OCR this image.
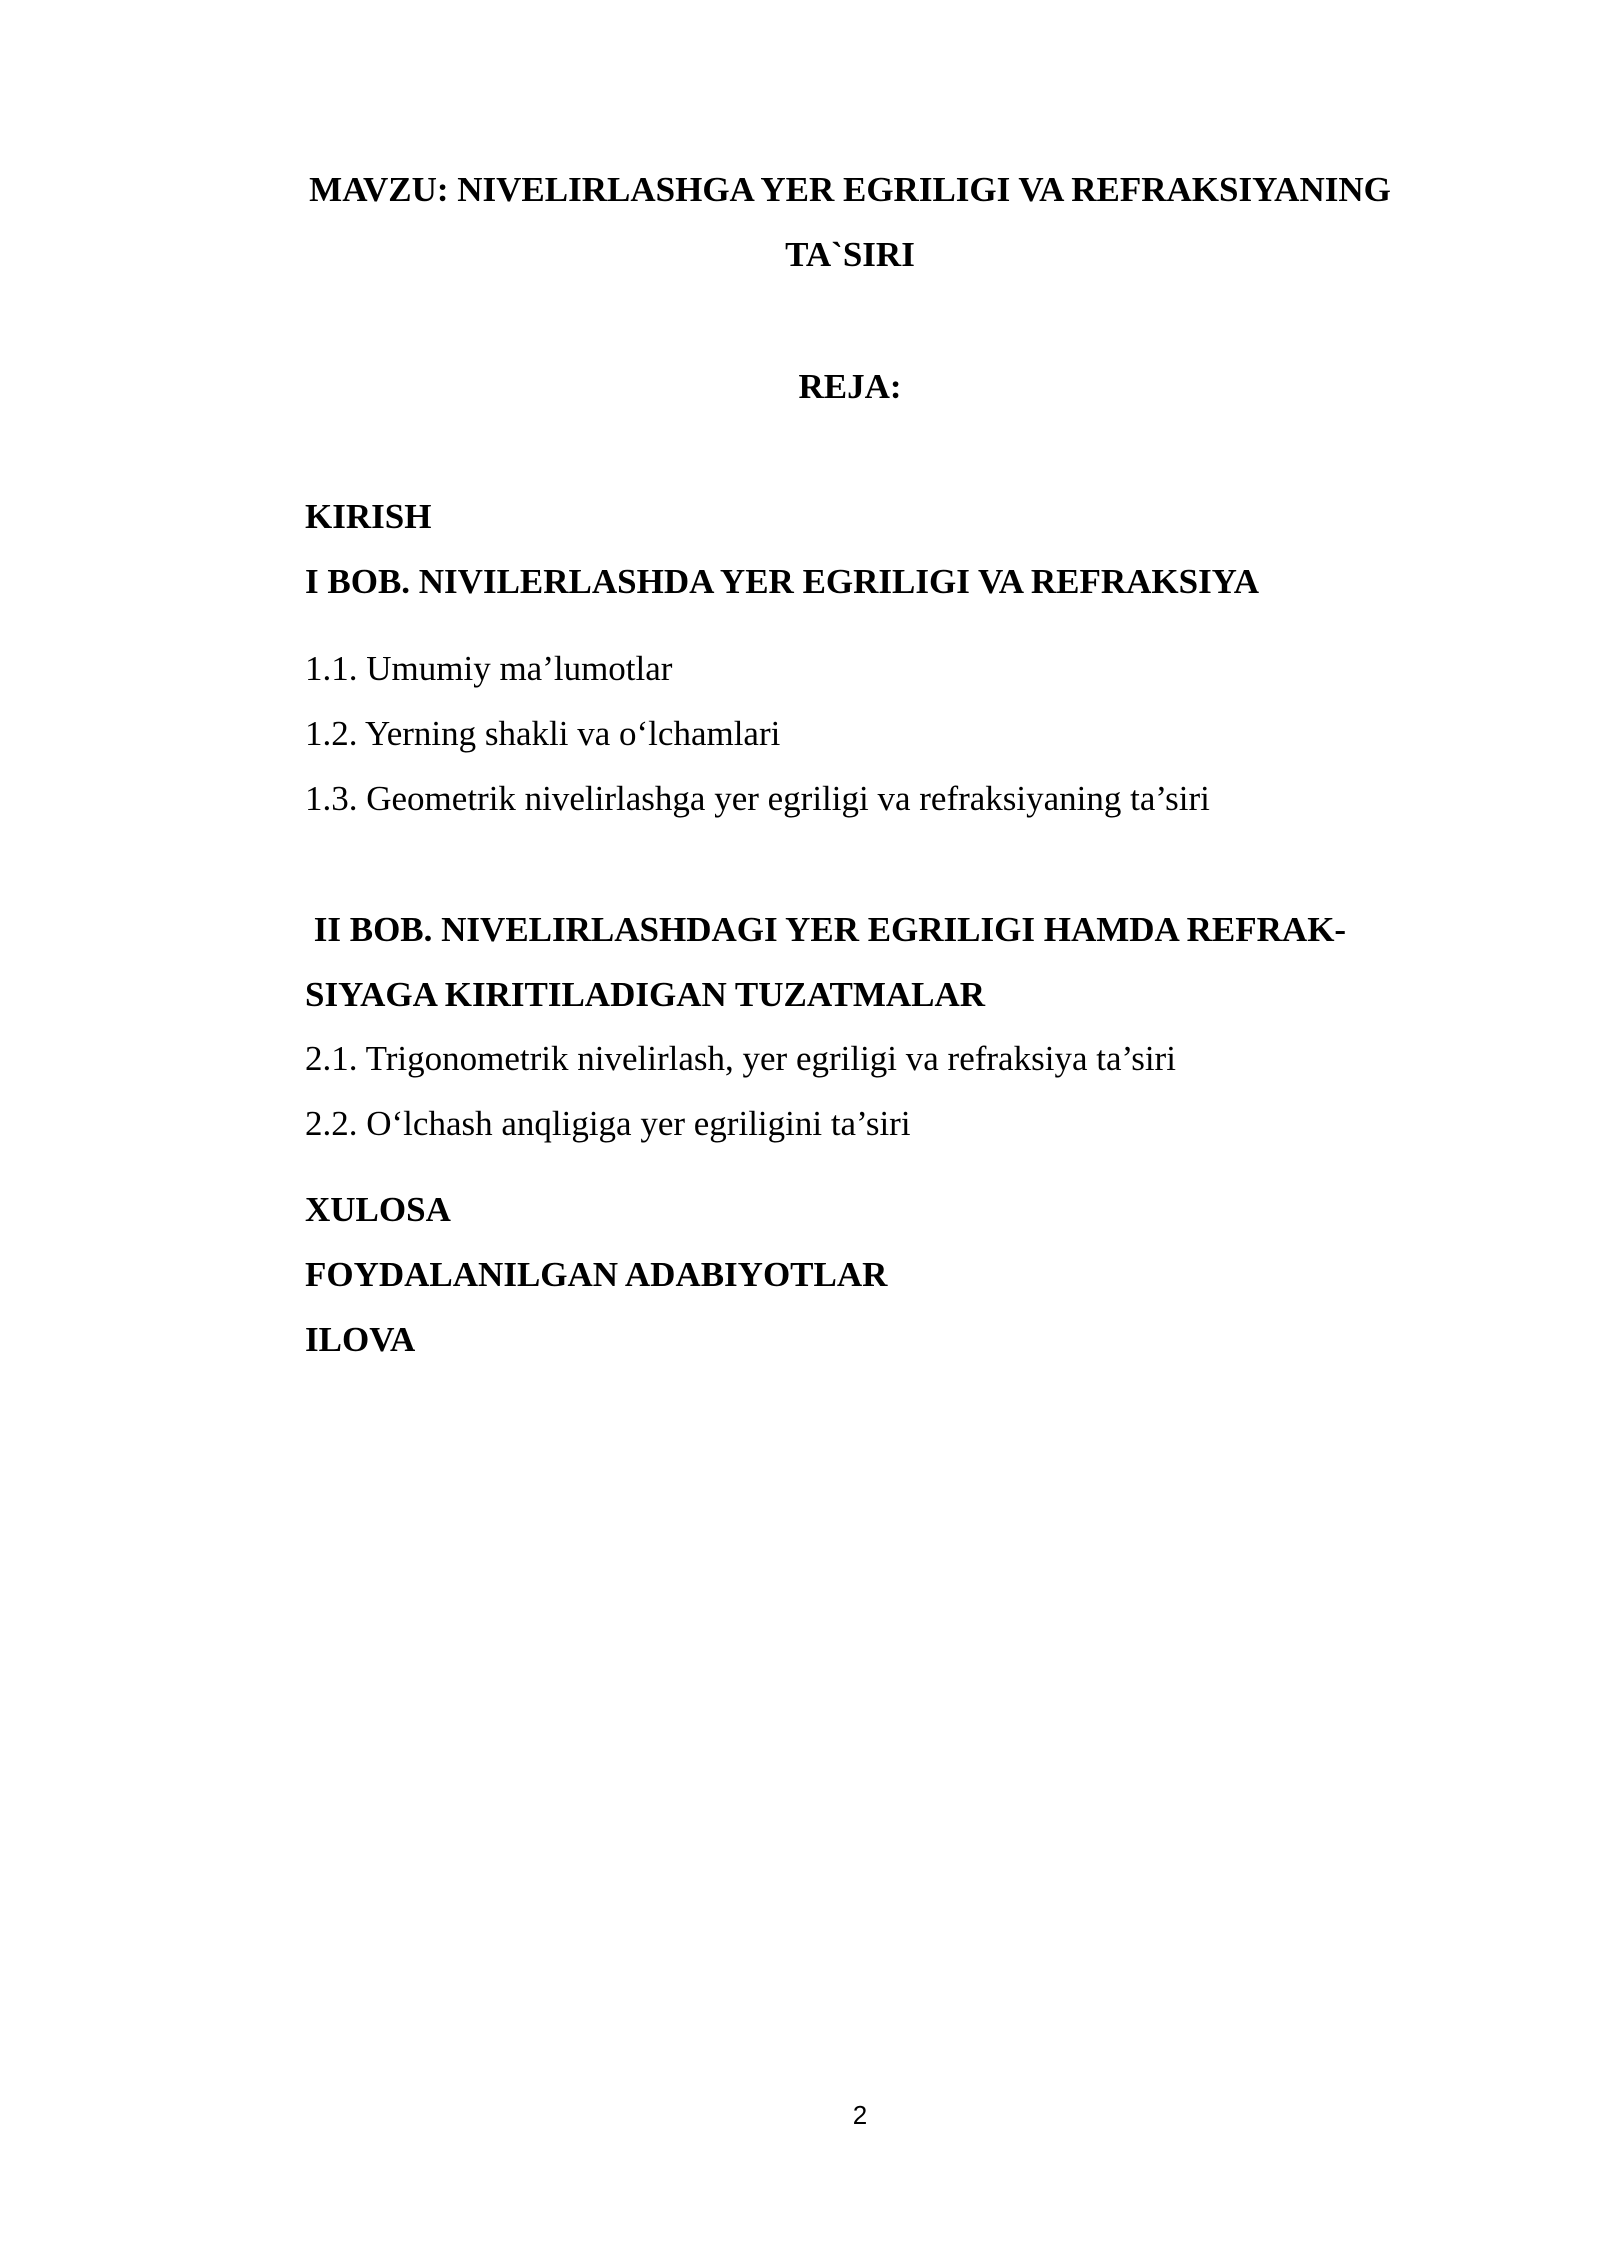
MAVZU: NIVELIRLASHGA YER EGRILIGI VA REFRAKSIYANING
TA`SIRI
REJA:
KIRISH
I BOB. NIVILERLASHDA YER EGRILIGI VA REFRAKSIYA
1.1. Umumiy ma’lumotlar
1.2. Yerning shakli va o‘lchamlari
1.3. Geometrik nivelirlashga yer egriligi va refraksiyaning ta’siri
II BOB. NIVELIRLASHDAGI YER EGRILIGI HAMDA REFRAK-
SIYAGA KIRITILADIGAN TUZATMALAR
2.1. Trigonometrik nivelirlash, yer egriligi va refraksiya ta’siri
2.2. O‘lchash anqligiga yer egriligini ta’siri
XULOSA
FOYDALANILGAN ADABIYOTLAR
ILOVA
2
